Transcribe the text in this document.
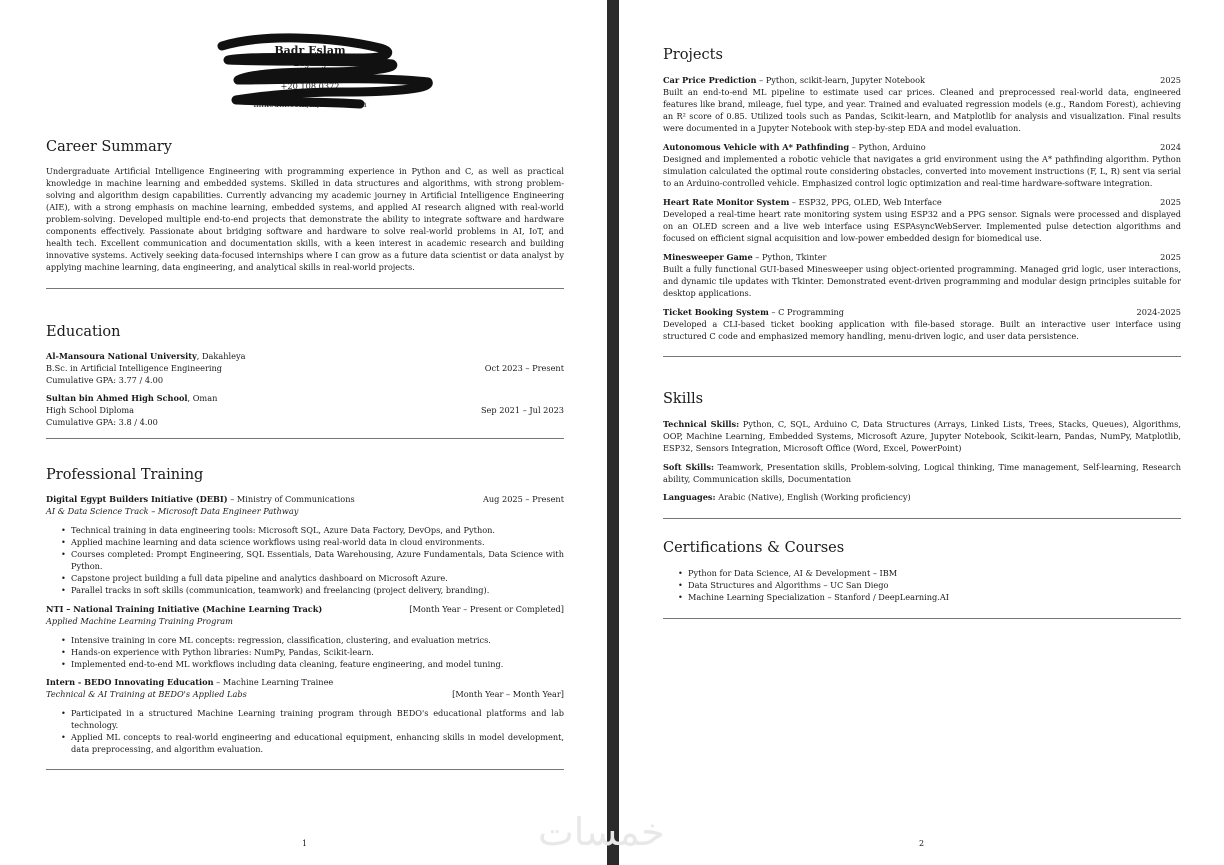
Badr Eslam
Zagazig
badr@gmail.com
+20 108 0372
linkedin.com/in/badr-eslam
Career Summary
Undergraduate Artificial Intelligence Engineering with programming experience in Python and C, as well as practical knowledge in machine learning and embedded systems. Skilled in data structures and algorithms, with strong problem-solving and algorithm design capabilities. Currently advancing my academic journey in Artificial Intelligence Engineering (AIE), with a strong emphasis on machine learning, embedded systems, and applied AI research aligned with real-world problem-solving. Developed multiple end-to-end projects that demonstrate the ability to integrate software and hardware components effectively. Passionate about bridging software and hardware to solve real-world problems in AI, IoT, and health tech. Excellent communication and documentation skills, with a keen interest in academic research and building innovative systems. Actively seeking data-focused internships where I can grow as a future data scientist or data analyst by applying machine learning, data engineering, and analytical skills in real-world projects.
Education
Al-Mansoura National University, Dakahleya
B.Sc. in Artificial Intelligence Engineering	Oct 2023 – Present
Cumulative GPA: 3.77 / 4.00
Sultan bin Ahmed High School, Oman
High School Diploma	Sep 2021 – Jul 2023
Cumulative GPA: 3.8 / 4.00
Professional Training
Digital Egypt Builders Initiative (DEBI) – Ministry of Communications	Aug 2025 – Present
AI & Data Science Track – Microsoft Data Engineer Pathway
• Technical training in data engineering tools: Microsoft SQL, Azure Data Factory, DevOps, and Python.
• Applied machine learning and data science workflows using real-world data in cloud environments.
• Courses completed: Prompt Engineering, SQL Essentials, Data Warehousing, Azure Fundamentals, Data Science with Python.
• Capstone project building a full data pipeline and analytics dashboard on Microsoft Azure.
• Parallel tracks in soft skills (communication, teamwork) and freelancing (project delivery, branding).
NTI – National Training Initiative (Machine Learning Track)	[Month Year – Present or Completed]
Applied Machine Learning Training Program
• Intensive training in core ML concepts: regression, classification, clustering, and evaluation metrics.
• Hands-on experience with Python libraries: NumPy, Pandas, Scikit-learn.
• Implemented end-to-end ML workflows including data cleaning, feature engineering, and model tuning.
Intern - BEDO Innovating Education – Machine Learning Trainee
Technical & AI Training at BEDO's Applied Labs	[Month Year – Month Year]
• Participated in a structured Machine Learning training program through BEDO's educational platforms and lab technology.
• Applied ML concepts to real-world engineering and educational equipment, enhancing skills in model development, data preprocessing, and algorithm evaluation.
1
Projects
Car Price Prediction – Python, scikit-learn, Jupyter Notebook	2025
Built an end-to-end ML pipeline to estimate used car prices. Cleaned and preprocessed real-world data, engineered features like brand, mileage, fuel type, and year. Trained and evaluated regression models (e.g., Random Forest), achieving an R² score of 0.85. Utilized tools such as Pandas, Scikit-learn, and Matplotlib for analysis and visualization. Final results were documented in a Jupyter Notebook with step-by-step EDA and model evaluation.
Autonomous Vehicle with A* Pathfinding – Python, Arduino	2024
Designed and implemented a robotic vehicle that navigates a grid environment using the A* pathfinding algorithm. Python simulation calculated the optimal route considering obstacles, converted into movement instructions (F, L, R) sent via serial to an Arduino-controlled vehicle. Emphasized control logic optimization and real-time hardware-software integration.
Heart Rate Monitor System – ESP32, PPG, OLED, Web Interface	2025
Developed a real-time heart rate monitoring system using ESP32 and a PPG sensor. Signals were processed and displayed on an OLED screen and a live web interface using ESPAsyncWebServer. Implemented pulse detection algorithms and focused on efficient signal acquisition and low-power embedded design for biomedical use.
Minesweeper Game – Python, Tkinter	2025
Built a fully functional GUI-based Minesweeper using object-oriented programming. Managed grid logic, user interactions, and dynamic tile updates with Tkinter. Demonstrated event-driven programming and modular design principles suitable for desktop applications.
Ticket Booking System – C Programming	2024-2025
Developed a CLI-based ticket booking application with file-based storage. Built an interactive user interface using structured C code and emphasized memory handling, menu-driven logic, and user data persistence.
Skills
Technical Skills: Python, C, SQL, Arduino C, Data Structures (Arrays, Linked Lists, Trees, Stacks, Queues), Algorithms, OOP, Machine Learning, Embedded Systems, Microsoft Azure, Jupyter Notebook, Scikit-learn, Pandas, NumPy, Matplotlib, ESP32, Sensors Integration, Microsoft Office (Word, Excel, PowerPoint)
Soft Skills: Teamwork, Presentation skills, Problem-solving, Logical thinking, Time management, Self-learning, Research ability, Communication skills, Documentation
Languages: Arabic (Native), English (Working proficiency)
Certifications & Courses
• Python for Data Science, AI & Development – IBM
• Data Structures and Algorithms – UC San Diego
• Machine Learning Specialization – Stanford / DeepLearning.AI
2
خمسات
